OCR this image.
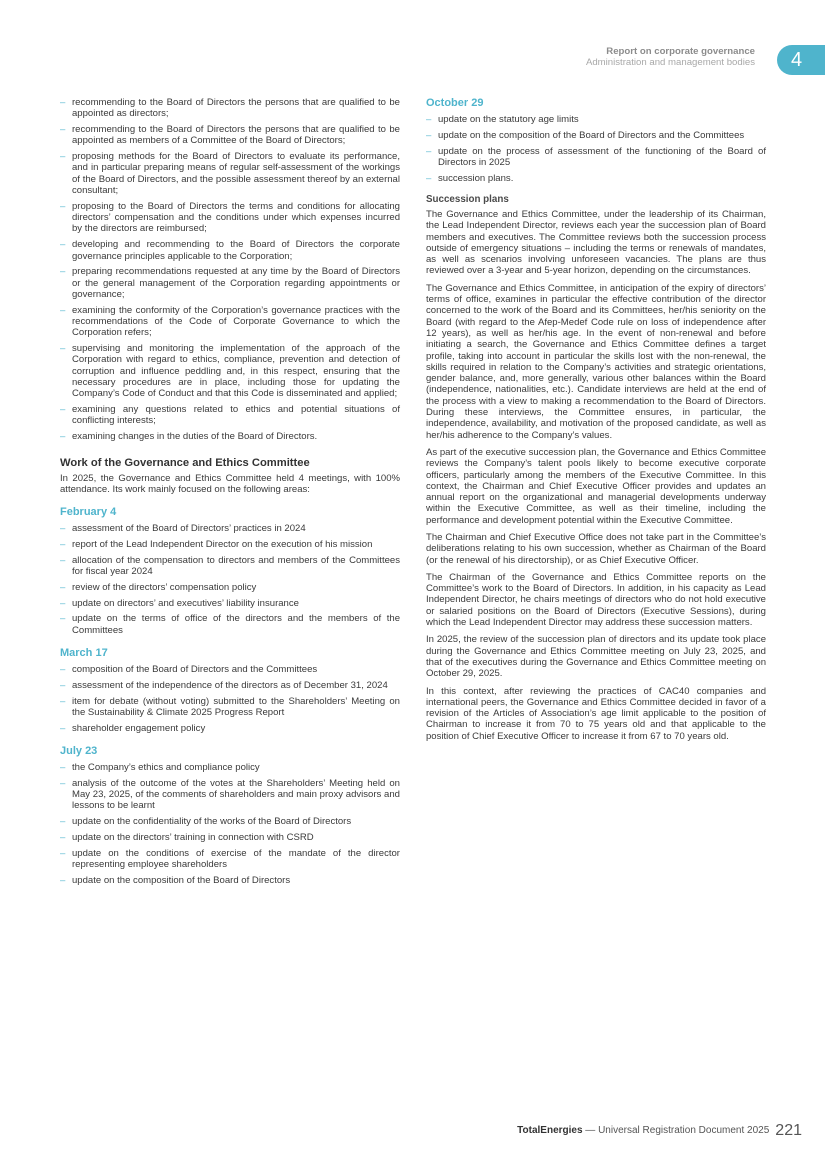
Report on corporate governance
Administration and management bodies	4
– recommending to the Board of Directors the persons that are qualified to be appointed as directors;
– recommending to the Board of Directors the persons that are qualified to be appointed as members of a Committee of the Board of Directors;
– proposing methods for the Board of Directors to evaluate its performance, and in particular preparing means of regular self-assessment of the workings of the Board of Directors, and the possible assessment thereof by an external consultant;
– proposing to the Board of Directors the terms and conditions for allocating directors’ compensation and the conditions under which expenses incurred by the directors are reimbursed;
– developing and recommending to the Board of Directors the corporate governance principles applicable to the Corporation;
– preparing recommendations requested at any time by the Board of Directors or the general management of the Corporation regarding appointments or governance;
– examining the conformity of the Corporation’s governance practices with the recommendations of the Code of Corporate Governance to which the Corporation refers;
– supervising and monitoring the implementation of the approach of the Corporation with regard to ethics, compliance, prevention and detection of corruption and influence peddling and, in this respect, ensuring that the necessary procedures are in place, including those for updating the Company’s Code of Conduct and that this Code is disseminated and applied;
– examining any questions related to ethics and potential situations of conflicting interests;
– examining changes in the duties of the Board of Directors.
Work of the Governance and Ethics Committee

In 2025, the Governance and Ethics Committee held 4 meetings, with 100% attendance. Its work mainly focused on the following areas:

February 4
– assessment of the Board of Directors’ practices in 2024
– report of the Lead Independent Director on the execution of his mission
– allocation of the compensation to directors and members of the Committees for fiscal year 2024
– review of the directors’ compensation policy
– update on directors’ and executives’ liability insurance
– update on the terms of office of the directors and the members of the Committees
March 17
– composition of the Board of Directors and the Committees
– assessment of the independence of the directors as of December 31, 2024
– item for debate (without voting) submitted to the Shareholders’ Meeting on the Sustainability & Climate 2025 Progress Report
– shareholder engagement policy
July 23
– the Company’s ethics and compliance policy
– analysis of the outcome of the votes at the Shareholders’ Meeting held on May 23, 2025, of the comments of shareholders and main proxy advisors and lessons to be learnt
– update on the confidentiality of the works of the Board of Directors
– update on the directors’ training in connection with CSRD
– update on the conditions of exercise of the mandate of the director representing employee shareholders
– update on the composition of the Board of Directors
October 29
– update on the statutory age limits
– update on the composition of the Board of Directors and the Committees
– update on the process of assessment of the functioning of the Board of Directors in 2025
– succession plans.
Succession plans

The Governance and Ethics Committee, under the leadership of its Chairman, the Lead Independent Director, reviews each year the succession plan of Board members and executives. The Committee reviews both the succession process outside of emergency situations – including the terms or renewals of mandates, as well as scenarios involving unforeseen vacancies. The plans are thus reviewed over a 3-year and 5-year horizon, depending on the circumstances.

The Governance and Ethics Committee, in anticipation of the expiry of directors’ terms of office, examines in particular the effective contribution of the director concerned to the work of the Board and its Committees, her/his seniority on the Board (with regard to the Afep-Medef Code rule on loss of independence after 12 years), as well as her/his age. In the event of non-renewal and before initiating a search, the Governance and Ethics Committee defines a target profile, taking into account in particular the skills lost with the non-renewal, the skills required in relation to the Company’s activities and strategic orientations, gender balance, and, more generally, various other balances within the Board (independence, nationalities, etc.). Candidate interviews are held at the end of the process with a view to making a recommendation to the Board of Directors. During these interviews, the Committee ensures, in particular, the independence, availability, and motivation of the proposed candidate, as well as her/his adherence to the Company’s values.

As part of the executive succession plan, the Governance and Ethics Committee reviews the Company’s talent pools likely to become executive corporate officers, particularly among the members of the Executive Committee. In this context, the Chairman and Chief Executive Officer provides and updates an annual report on the organizational and managerial developments underway within the Executive Committee, as well as their timeline, including the performance and development potential within the Executive Committee.

The Chairman and Chief Executive Office does not take part in the Committee’s deliberations relating to his own succession, whether as Chairman of the Board (or the renewal of his directorship), or as Chief Executive Officer.

The Chairman of the Governance and Ethics Committee reports on the Committee’s work to the Board of Directors. In addition, in his capacity as Lead Independent Director, he chairs meetings of directors who do not hold executive or salaried positions on the Board of Directors (Executive Sessions), during which the Lead Independent Director may address these succession matters.

In 2025, the review of the succession plan of directors and its update took place during the Governance and Ethics Committee meeting on July 23, 2025, and that of the executives during the Governance and Ethics Committee meeting on October 29, 2025.

In this context, after reviewing the practices of CAC40 companies and international peers, the Governance and Ethics Committee decided in favor of a revision of the Articles of Association’s age limit applicable to the position of Chairman to increase it from 70 to 75 years old and that applicable to the position of Chief Executive Officer to increase it from 67 to 70 years old.

TotalEnergies — Universal Registration Document 2025 221
